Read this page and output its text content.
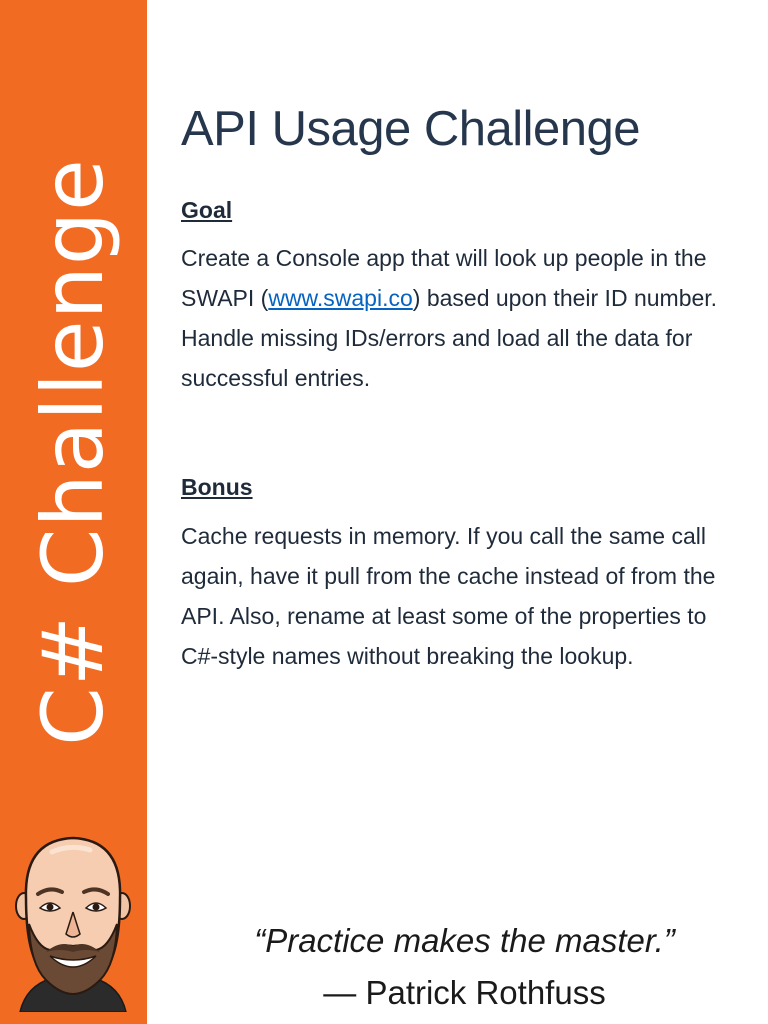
C# Challenge
API Usage Challenge
Goal

Create a Console app that will look up people in the SWAPI (www.swapi.co) based upon their ID number. Handle missing IDs/errors and load all the data for successful entries.

Bonus

Cache requests in memory. If you call the same call again, have it pull from the cache instead of from the API. Also, rename at least some of the properties to C#-style names without breaking the lookup.

“Practice makes the master.”
— Patrick Rothfuss
